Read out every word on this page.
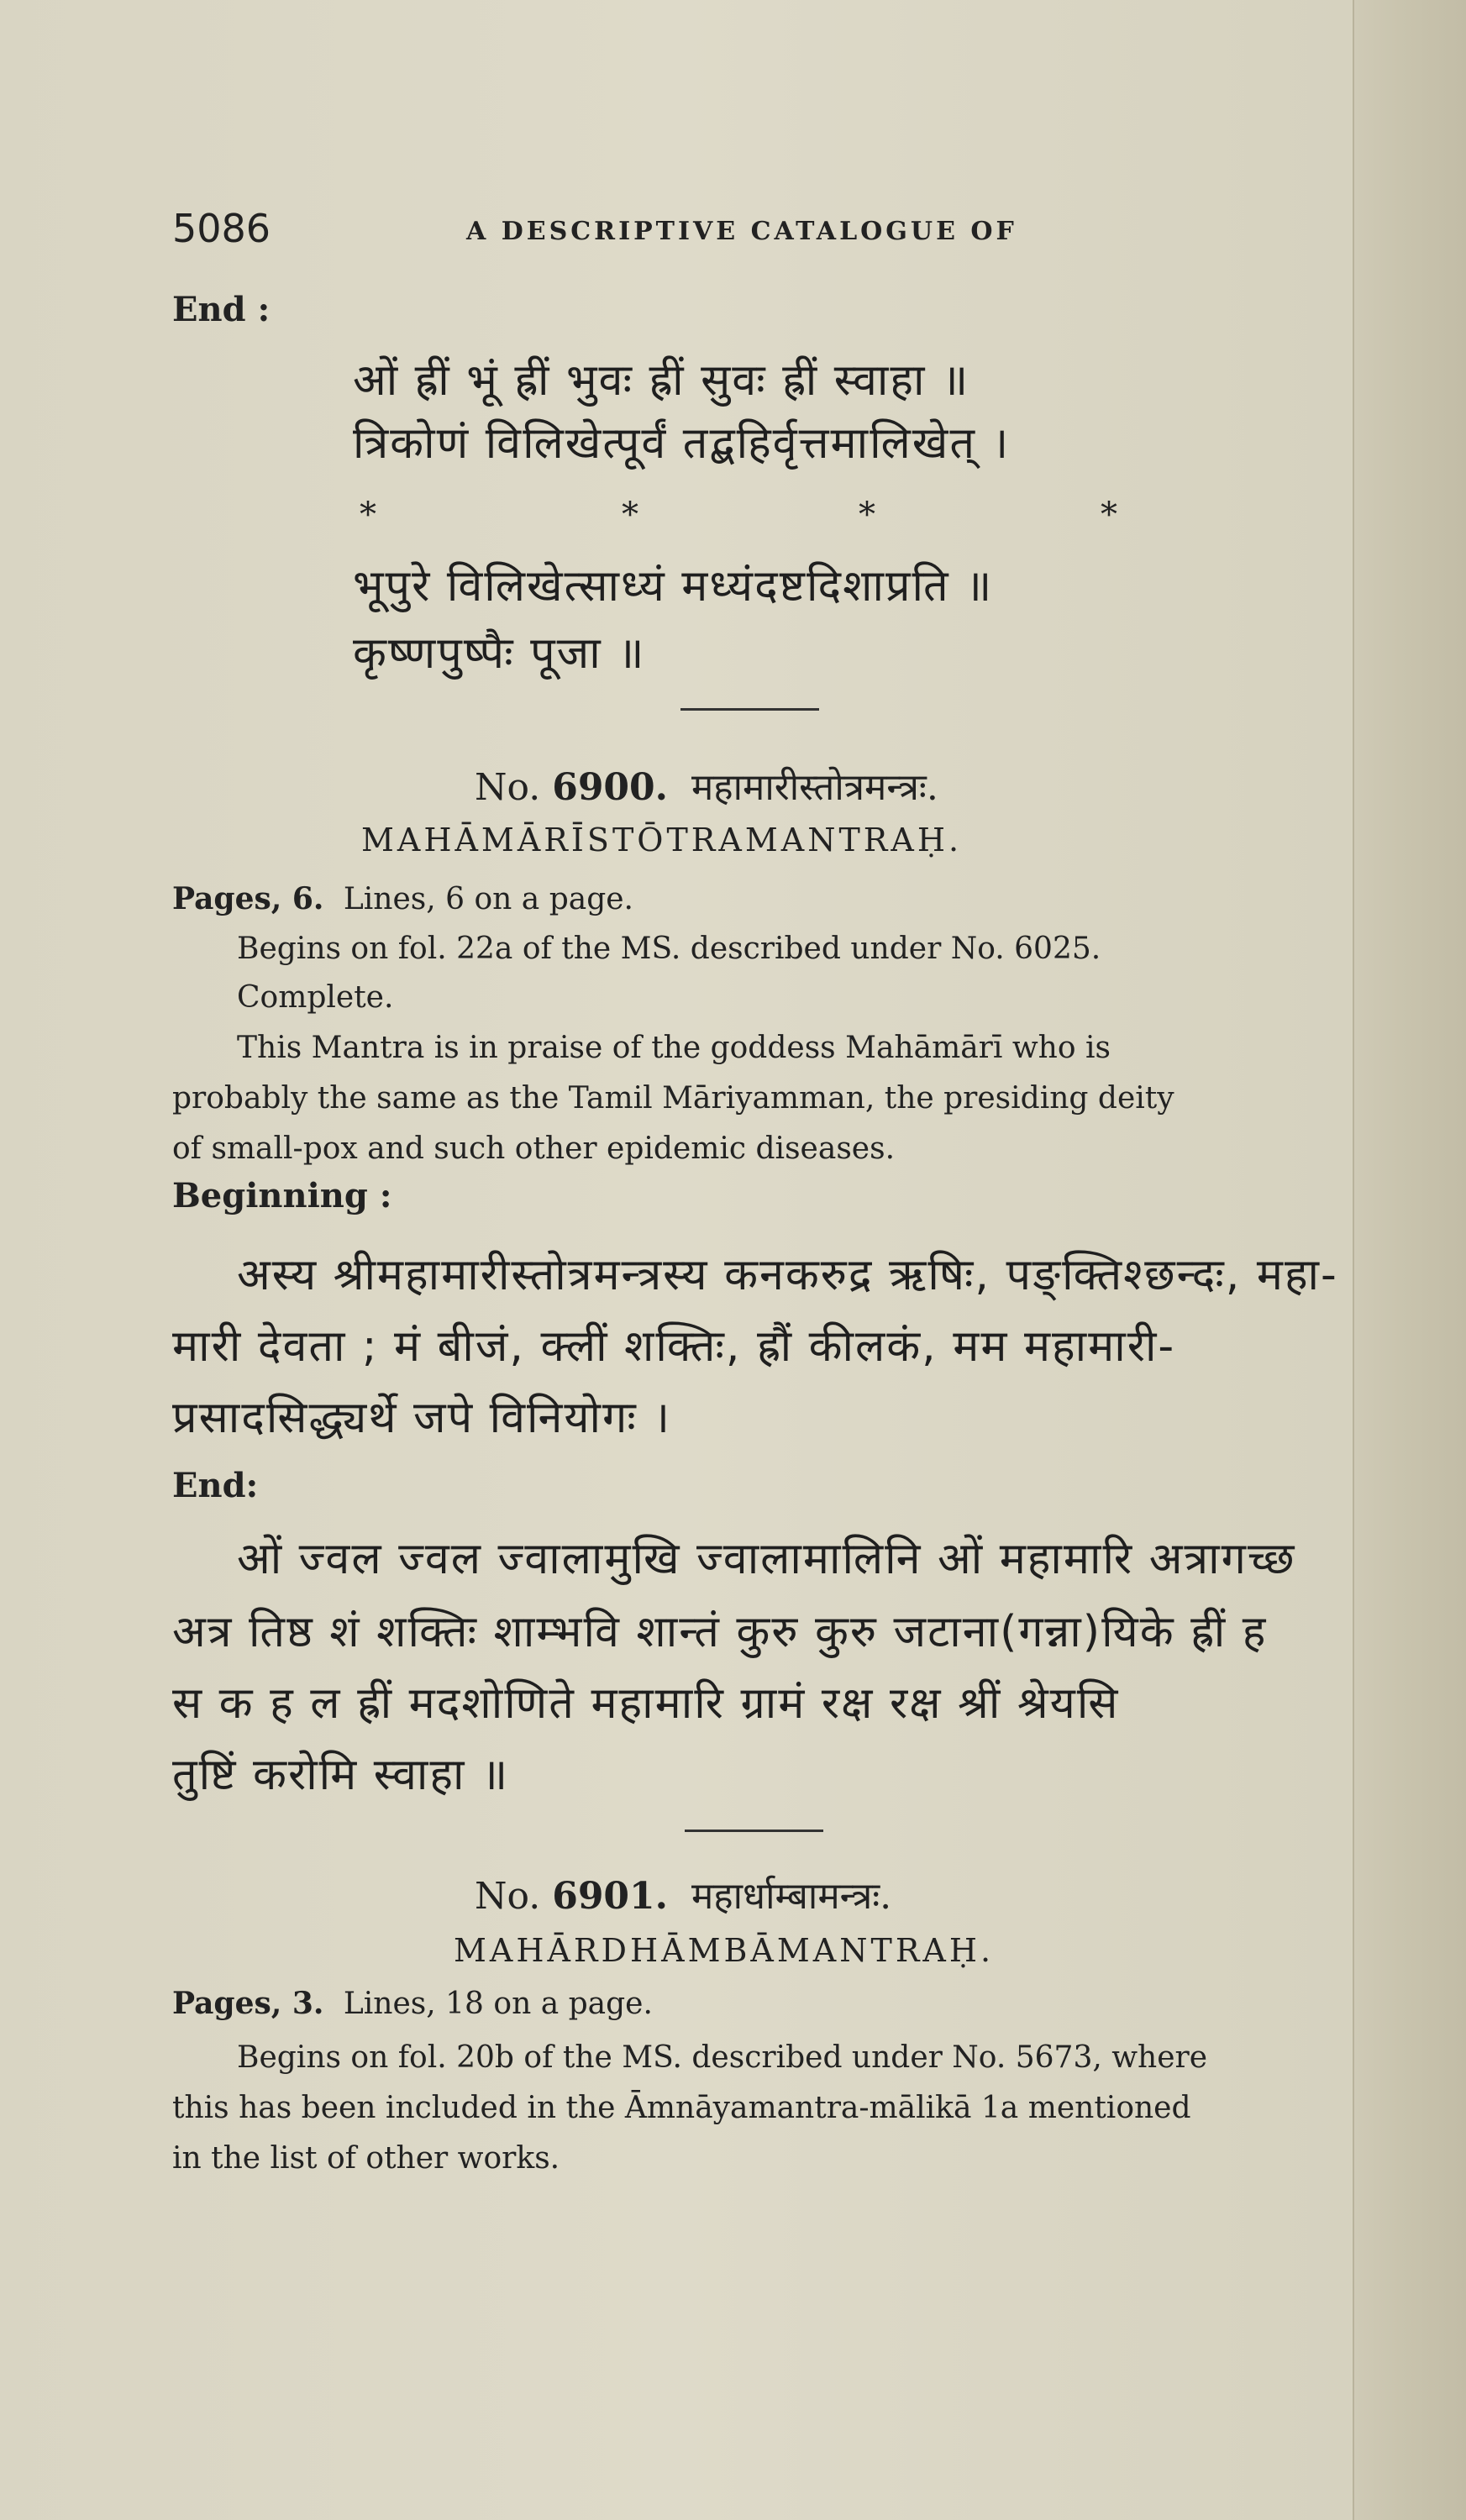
5086	A DESCRIPTIVE CATALOGUE OF
End :
ओं ह्रीं भूं ह्रीं भुवः ह्रीं सुवः ह्रीं स्वाहा ॥
त्रिकोणं विलिखेत्पूर्वं तद्बहिर्वृत्तमालिखेत् ।
*	*	*	*
भूपुरे विलिखेत्साध्यं मध्यंदष्टदिशाप्रति ॥
कृष्णपुष्पैः पूजा ॥
No. 6900. महामारीस्तोत्रमन्त्रः.
MAHĀMĀRĪSTŌTRAMANTRAḤ.
Pages, 6. Lines, 6 on a page.
Begins on fol. 22a of the MS. described under No. 6025.
Complete.
This Mantra is in praise of the goddess Mahāmārī who is
probably the same as the Tamil Māriyamman, the presiding deity
of small-pox and such other epidemic diseases.
Beginning :
अस्य श्रीमहामारीस्तोत्रमन्त्रस्य कनकरुद्र ऋषिः, पङ्क्तिश्छन्दः, महा-
मारी देवता ; मं बीजं, क्लीं शक्तिः, ह्रौं कीलकं, मम महामारी-
प्रसादसिद्ध्यर्थे जपे विनियोगः ।
End:
ओं ज्वल ज्वल ज्वालामुखि ज्वालामालिनि ओं महामारि अत्रागच्छ
अत्र तिष्ठ शं शक्तिः शाम्भवि शान्तं कुरु कुरु जटाना(गन्ना)यिके ह्रीं ह
स क ह ल ह्रीं मदशोणिते महामारि ग्रामं रक्ष रक्ष श्रीं श्रेयसि
तुष्टिं करोमि स्वाहा ॥
No. 6901. महार्धाम्बामन्त्रः.
MAHĀRDHĀMBĀMANTRAḤ.
Pages, 3. Lines, 18 on a page.
Begins on fol. 20b of the MS. described under No. 5673, where
this has been included in the Āmnāyamantra-mālikā 1a mentioned
in the list of other works.
